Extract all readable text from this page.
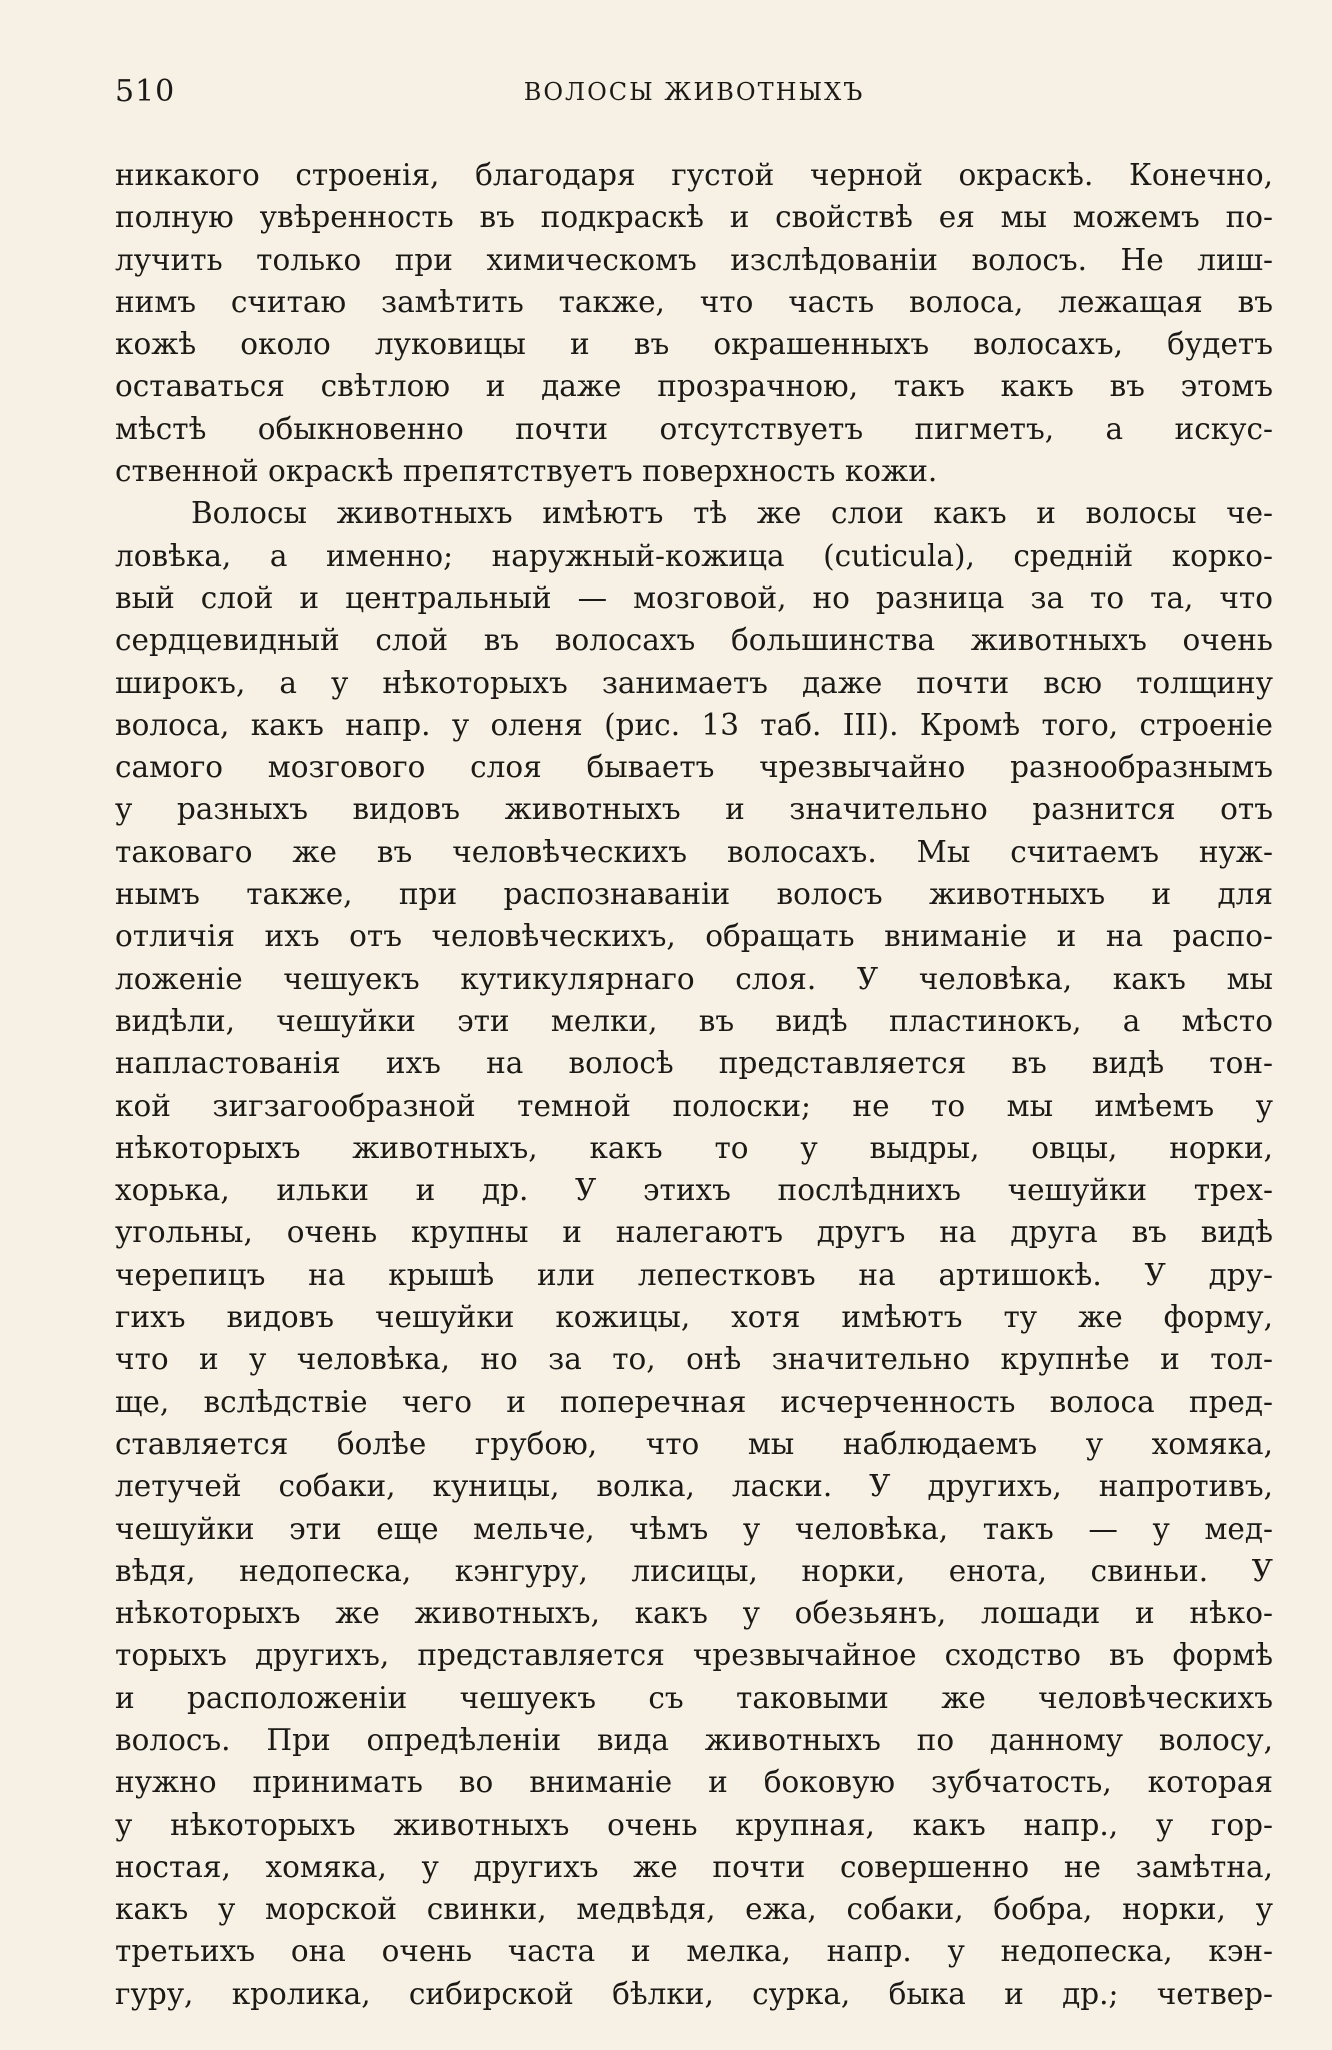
510	ВОЛОСЫ ЖИВОТНЫХЪ
никакого строенія, благодаря густой черной окраскѣ. Конечно,
полную увѣренность въ подкраскѣ и свойствѣ ея мы можемъ по-
лучить только при химическомъ изслѣдованіи волосъ. Не лиш-
нимъ считаю замѣтить также, что часть волоса, лежащая въ
кожѣ около луковицы и въ окрашенныхъ волосахъ, будетъ
оставаться свѣтлою и даже прозрачною, такъ какъ въ этомъ
мѣстѣ обыкновенно почти отсутствуетъ пигметъ, а искус-
ственной окраскѣ препятствуетъ поверхность кожи.
Волосы животныхъ имѣютъ тѣ же слои какъ и волосы че-
ловѣка, а именно; наружный-кожица (cuticula), средній корко-
вый слой и центральный — мозговой, но разница за то та, что
сердцевидный слой въ волосахъ большинства животныхъ очень
широкъ, а у нѣкоторыхъ занимаетъ даже почти всю толщину
волоса, какъ напр. у оленя (рис. 13 таб. III). Кромѣ того, строеніе
самого мозгового слоя бываетъ чрезвычайно разнообразнымъ
у разныхъ видовъ животныхъ и значительно разнится отъ
таковаго же въ человѣческихъ волосахъ. Мы считаемъ нуж-
нымъ также, при распознаваніи волосъ животныхъ и для
отличія ихъ отъ человѣческихъ, обращать вниманіе и на распо-
ложеніе чешуекъ кутикулярнаго слоя. У человѣка, какъ мы
видѣли, чешуйки эти мелки, въ видѣ пластинокъ, а мѣсто
напластованія ихъ на волосѣ представляется въ видѣ тон-
кой зигзагообразной темной полоски; не то мы имѣемъ у
нѣкоторыхъ животныхъ, какъ то у выдры, овцы, норки,
хорька, ильки и др. У этихъ послѣднихъ чешуйки трех-
угольны, очень крупны и налегаютъ другъ на друга въ видѣ
черепицъ на крышѣ или лепестковъ на артишокѣ. У дру-
гихъ видовъ чешуйки кожицы, хотя имѣютъ ту же форму,
что и у человѣка, но за то, онѣ значительно крупнѣе и тол-
ще, вслѣдствіе чего и поперечная исчерченность волоса пред-
ставляется болѣе грубою, что мы наблюдаемъ у хомяка,
летучей собаки, куницы, волка, ласки. У другихъ, напротивъ,
чешуйки эти еще мельче, чѣмъ у человѣка, такъ — у мед-
вѣдя, недопеска, кэнгуру, лисицы, норки, енота, свиньи. У
нѣкоторыхъ же животныхъ, какъ у обезьянъ, лошади и нѣко-
торыхъ другихъ, представляется чрезвычайное сходство въ формѣ
и расположеніи чешуекъ съ таковыми же человѣческихъ
волосъ. При опредѣленіи вида животныхъ по данному волосу,
нужно принимать во вниманіе и боковую зубчатость, которая
у нѣкоторыхъ животныхъ очень крупная, какъ напр., у гор-
ностая, хомяка, у другихъ же почти совершенно не замѣтна,
какъ у морской свинки, медвѣдя, ежа, собаки, бобра, норки, у
третьихъ она очень часта и мелка, напр. у недопеска, кэн-
гуру, кролика, сибирской бѣлки, сурка, быка и др.; четвер-
